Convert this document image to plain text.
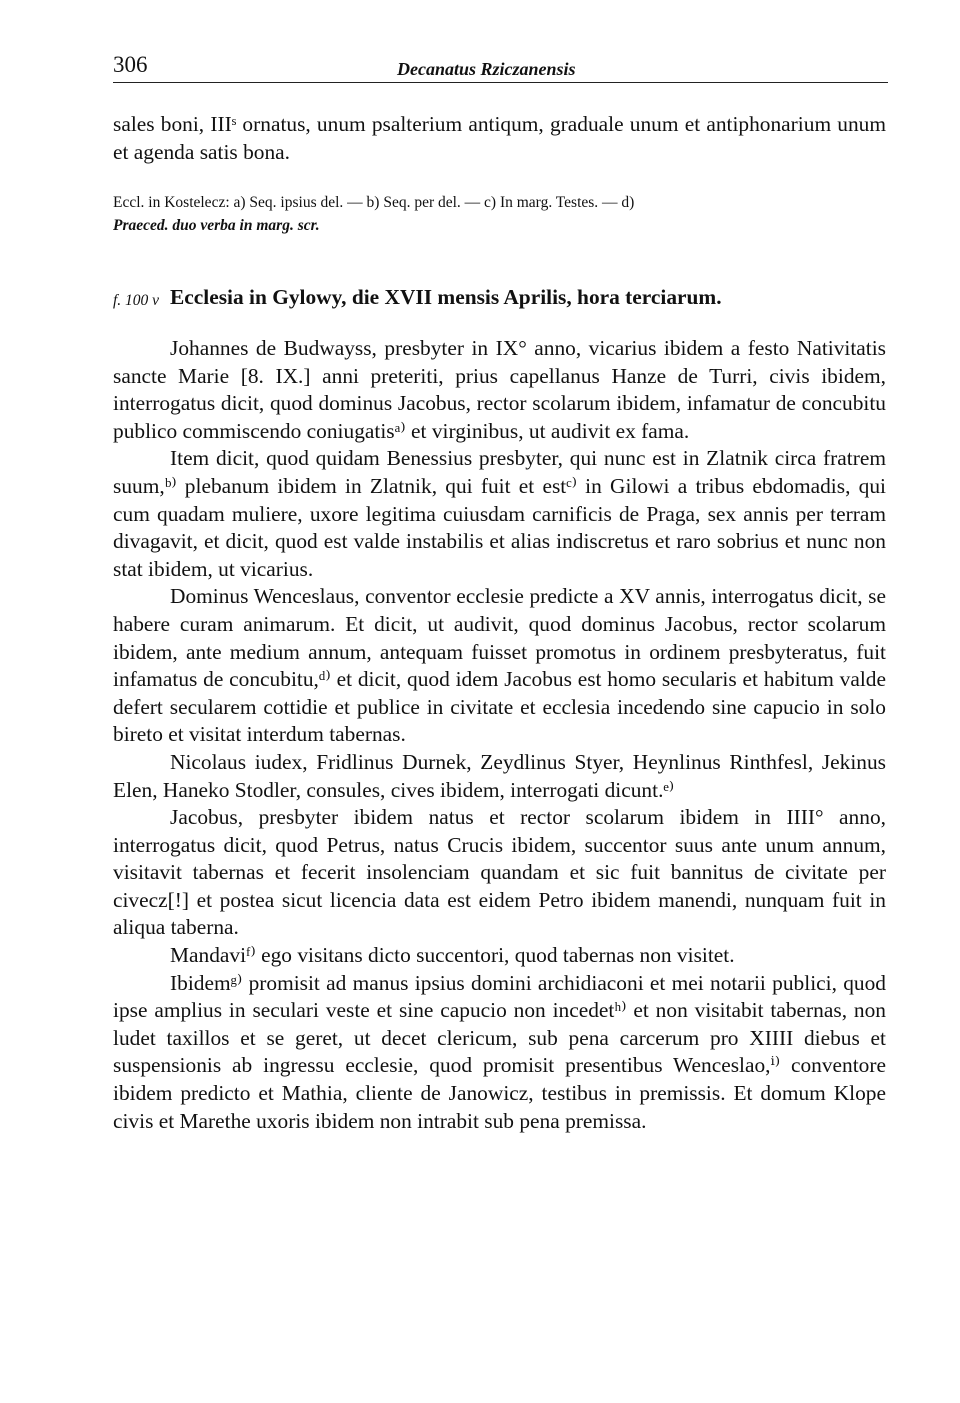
306	Decanatus Rziczanensis

sales boni, IIIˢ ornatus, unum psalterium antiqum, graduale unum et antiphonarium unum et agenda satis bona.

Eccl. in Kostelecz: a) Seq. ipsius del. — b) Seq. per del. — c) In marg. Testes. — d)
Praeced. duo verba in marg. scr.
f. 100 v Ecclesia in Gylowy, die XVII mensis Aprilis, hora terciarum.

Johannes de Budwayss, presbyter in IX° anno, vicarius ibidem a festo Nativitatis sancte Marie [8. IX.] anni preteriti, prius capellanus Hanze de Turri, civis ibidem, interrogatus dicit, quod dominus Jacobus, rector scolarum ibidem, infamatur de concubitu publico commiscendo coniugatisᵃ⁾ et virginibus, ut audivit ex fama.

Item dicit, quod quidam Benessius presbyter, qui nunc est in Zlatnik circa fratrem suum,ᵇ⁾ plebanum ibidem in Zlatnik, qui fuit et estᶜ⁾ in Gilowi a tribus ebdomadis, qui cum quadam muliere, uxore legitima cuiusdam carnificis de Praga, sex annis per terram divagavit, et dicit, quod est valde instabilis et alias indiscretus et raro sobrius et nunc non stat ibidem, ut vicarius.

Dominus Wenceslaus, conventor ecclesie predicte a XV annis, interrogatus dicit, se habere curam animarum. Et dicit, ut audivit, quod dominus Jacobus, rector scolarum ibidem, ante medium annum, antequam fuisset promotus in ordinem presbyteratus, fuit infamatus de concubitu,ᵈ⁾ et dicit, quod idem Jacobus est homo secularis et habitum valde defert secularem cottidie et publice in civitate et ecclesia incedendo sine capucio in solo bireto et visitat interdum tabernas.

Nicolaus iudex, Fridlinus Durnek, Zeydlinus Styer, Heynlinus Rinthfesl, Jekinus Elen, Haneko Stodler, consules, cives ibidem, interrogati dicunt.ᵉ⁾

Jacobus, presbyter ibidem natus et rector scolarum ibidem in IIII° anno, interrogatus dicit, quod Petrus, natus Crucis ibidem, succentor suus ante unum annum, visitavit tabernas et fecerit insolenciam quandam et sic fuit bannitus de civitate per civecz[!] et postea sicut licencia data est eidem Petro ibidem manendi, nunquam fuit in aliqua taberna.

Mandaviᶠ⁾ ego visitans dicto succentori, quod tabernas non visitet.

Ibidemᵍ⁾ promisit ad manus ipsius domini archidiaconi et mei notarii publici, quod ipse amplius in seculari veste et sine capucio non incedetʰ⁾ et non visitabit tabernas, non ludet taxillos et se geret, ut decet clericum, sub pena carcerum pro XIIII diebus et suspensionis ab ingressu ecclesie, quod promisit presentibus Wenceslao,ⁱ⁾ conventore ibidem predicto et Mathia, cliente de Janowicz, testibus in premissis. Et domum Klope civis et Marethe uxoris ibidem non intrabit sub pena premissa.
